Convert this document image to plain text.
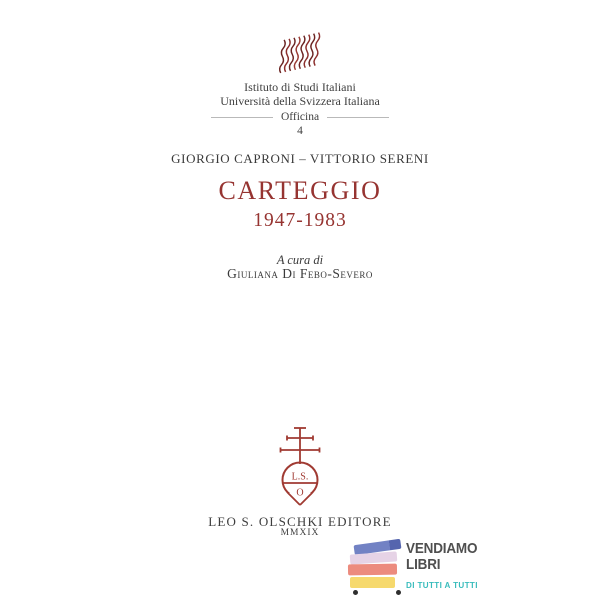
Istituto di Studi Italiani
Università della Svizzera Italiana
Officina
4
GIORGIO CAPRONI – VITTORIO SERENI
CARTEGGIO
1947-1983
A cura di
Giuliana Di Febo-Severo
L.S.
O
LEO S. OLSCHKI EDITORE
MMXIX
VENDIAMO
LIBRI
DI TUTTI A TUTTI
